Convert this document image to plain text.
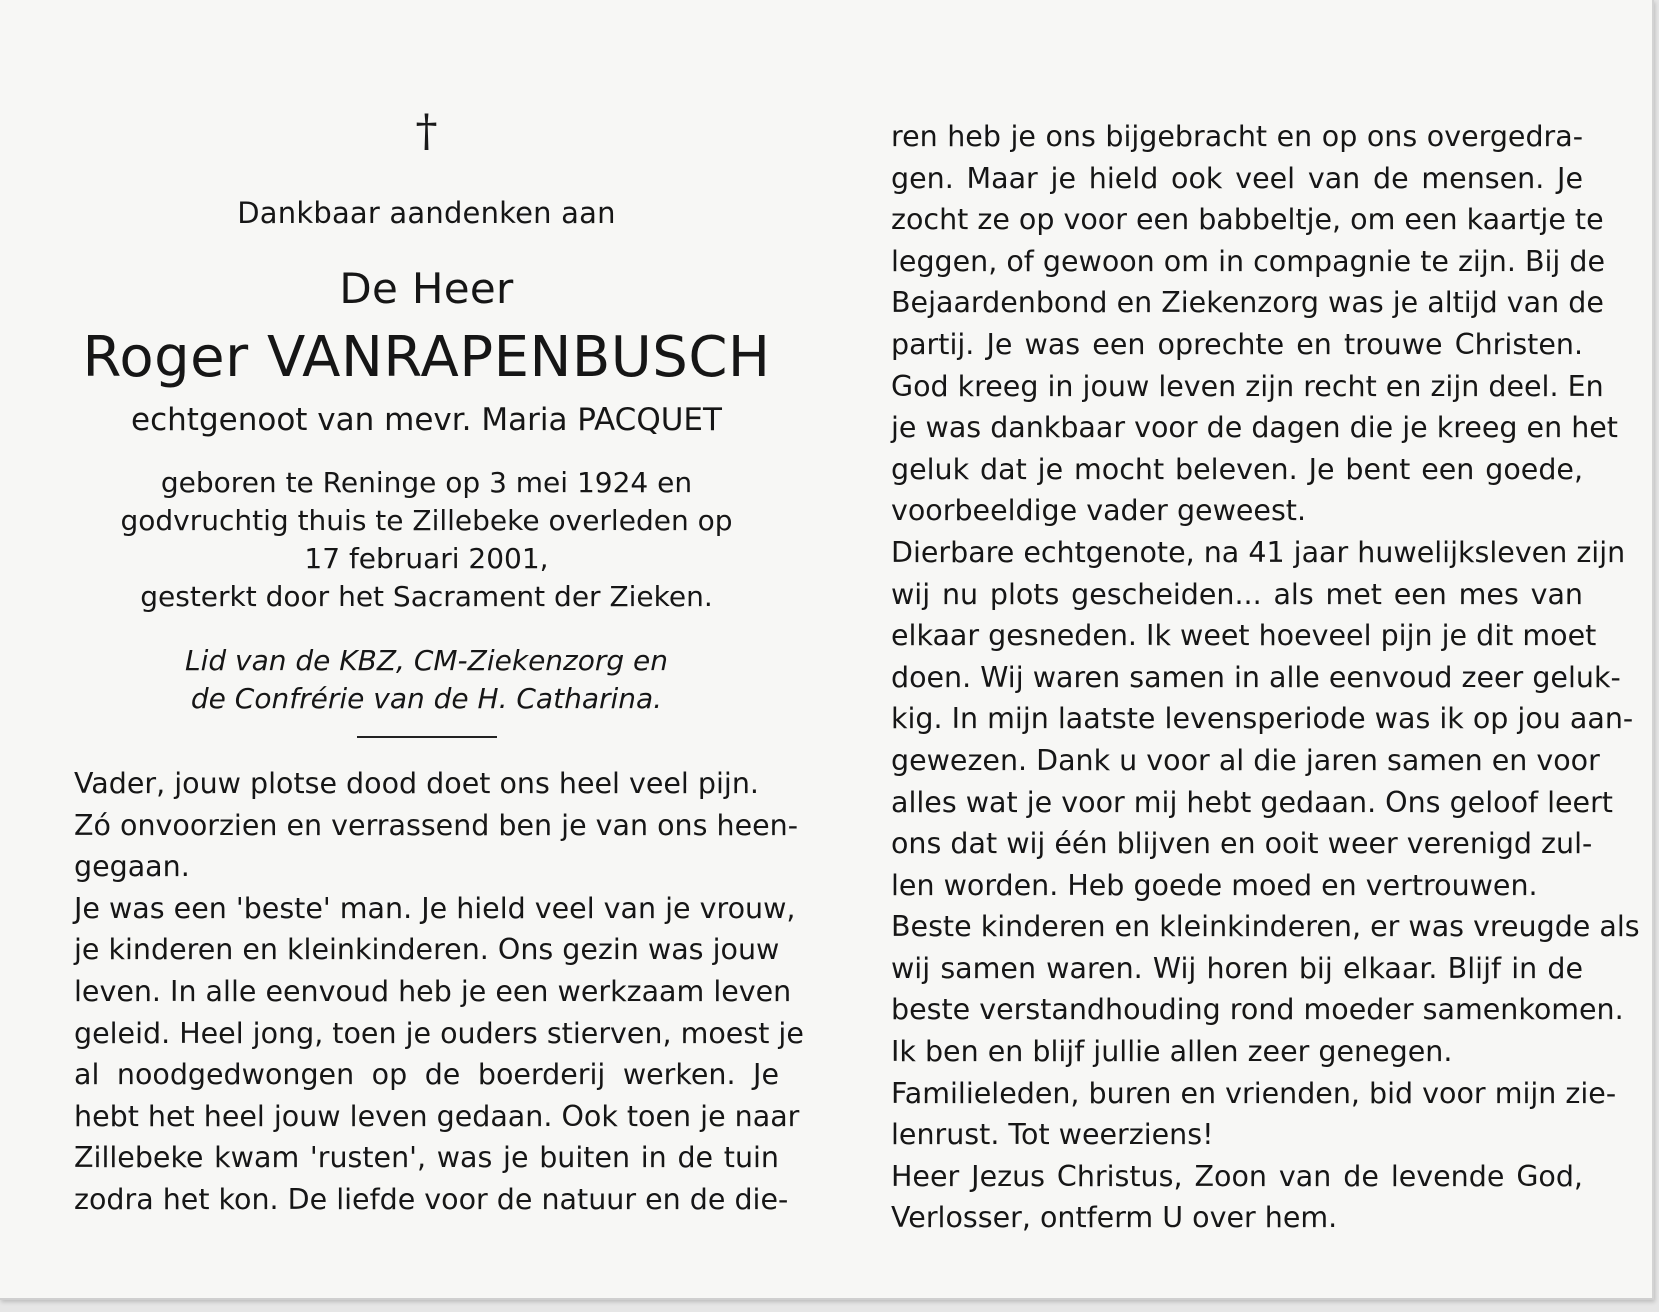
†
Dankbaar aandenken aan
De Heer
Roger VANRAPENBUSCH
echtgenoot van mevr. Maria PACQUET
geboren te Reninge op 3 mei 1924 en
godvruchtig thuis te Zillebeke overleden op
17 februari 2001,
gesterkt door het Sacrament der Zieken.
Lid van de KBZ, CM-Ziekenzorg en
de Confrérie van de H. Catharina.
Vader, jouw plotse dood doet ons heel veel pijn.
Zó onvoorzien en verrassend ben je van ons heen-
gegaan.
Je was een 'beste' man. Je hield veel van je vrouw,
je kinderen en kleinkinderen. Ons gezin was jouw
leven. In alle eenvoud heb je een werkzaam leven
geleid. Heel jong, toen je ouders stierven, moest je
al noodgedwongen op de boerderij werken. Je
hebt het heel jouw leven gedaan. Ook toen je naar
Zillebeke kwam 'rusten', was je buiten in de tuin
zodra het kon. De liefde voor de natuur en de die-
ren heb je ons bijgebracht en op ons overgedra-
gen. Maar je hield ook veel van de mensen. Je
zocht ze op voor een babbeltje, om een kaartje te
leggen, of gewoon om in compagnie te zijn. Bij de
Bejaardenbond en Ziekenzorg was je altijd van de
partij. Je was een oprechte en trouwe Christen.
God kreeg in jouw leven zijn recht en zijn deel. En
je was dankbaar voor de dagen die je kreeg en het
geluk dat je mocht beleven. Je bent een goede,
voorbeeldige vader geweest.
Dierbare echtgenote, na 41 jaar huwelijksleven zijn
wij nu plots gescheiden... als met een mes van
elkaar gesneden. Ik weet hoeveel pijn je dit moet
doen. Wij waren samen in alle eenvoud zeer geluk-
kig. In mijn laatste levensperiode was ik op jou aan-
gewezen. Dank u voor al die jaren samen en voor
alles wat je voor mij hebt gedaan. Ons geloof leert
ons dat wij één blijven en ooit weer verenigd zul-
len worden. Heb goede moed en vertrouwen.
Beste kinderen en kleinkinderen, er was vreugde als
wij samen waren. Wij horen bij elkaar. Blijf in de
beste verstandhouding rond moeder samenkomen.
Ik ben en blijf jullie allen zeer genegen.
Familieleden, buren en vrienden, bid voor mijn zie-
lenrust. Tot weerziens!
Heer Jezus Christus, Zoon van de levende God,
Verlosser, ontferm U over hem.
